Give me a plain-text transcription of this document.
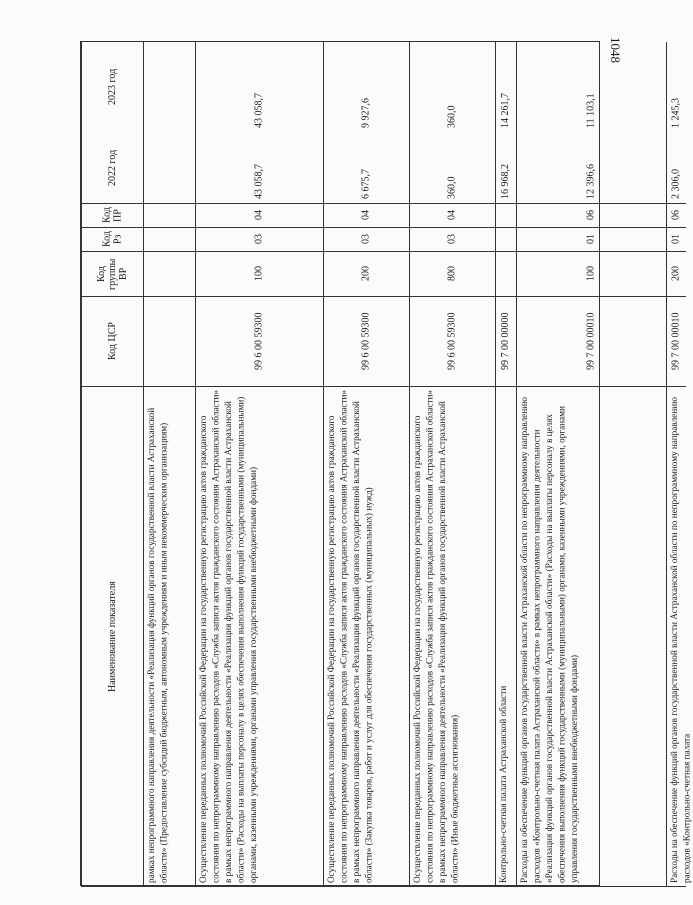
1048
2023 год
2022 год
Код ПР
Код Рз
Код группы ВР
Код ЦСР
Наименование показателя	рамках непрограммного направления деятельности «Реализация функций органов государственной власти Астраханской области» (Предоставление субсидий бюджетным, автономным учреждениям и иным некоммерческим организациям)
43 058,7
43 058,7
04
03
100
99 6 00 59300
Осуществление переданных полномочий Российской Федерации на государственную регистрацию актов гражданского состояния по непрограммному направлению расходов «Служба записи актов гражданского состояния Астраханской области» в рамках непрограммного направления деятельности «Реализация функций органов государственной власти Астраханской области» (Расходы на выплаты персоналу в целях обеспечения выполнения функций государственными (муниципальными) органами, казенными учреждениями, органами управления государственными внебюджетными фондами)
9 927,6
6 675,7
04
03
200
99 6 00 59300
Осуществление переданных полномочий Российской Федерации на государственную регистрацию актов гражданского состояния по непрограммному направлению расходов «Служба записи актов гражданского состояния Астраханской области» в рамках непрограммного направления деятельности «Реализация функций органов государственной власти Астраханской области» (Закупка товаров, работ и услуг для обеспечения государственных (муниципальных) нужд)
360,0
360,0
04
03
800
99 6 00 59300
Осуществление переданных полномочий Российской Федерации на государственную регистрацию актов гражданского состояния по непрограммному направлению расходов «Служба записи актов гражданского состояния Астраханской области» в рамках непрограммного направления деятельности «Реализация функций органов государственной власти Астраханской области» (Иные бюджетные ассигнования)
14 261,7
16 968,2
99 7 00 00000
Контрольно-счетная палата Астраханской области
11 103,1
12 396,6
06
01
100
99 7 00 00010
Расходы на обеспечение функций органов государственной власти Астраханской области по непрограммному направлению расходов «Контрольно-счетная палата Астраханской области» в рамках непрограммного направления деятельности «Реализация функций органов государственной власти Астраханской области» (Расходы на выплаты персоналу в целях обеспечения выполнения функций государственными (муниципальными) органами, казенными учреждениями, органами управления государственными внебюджетными фондами)
1 245,3
2 306,0
06
01
200
99 7 00 00010
Расходы на обеспечение функций органов государственной власти Астраханской области по непрограммному направлению расходов «Контрольно-счетная палата
